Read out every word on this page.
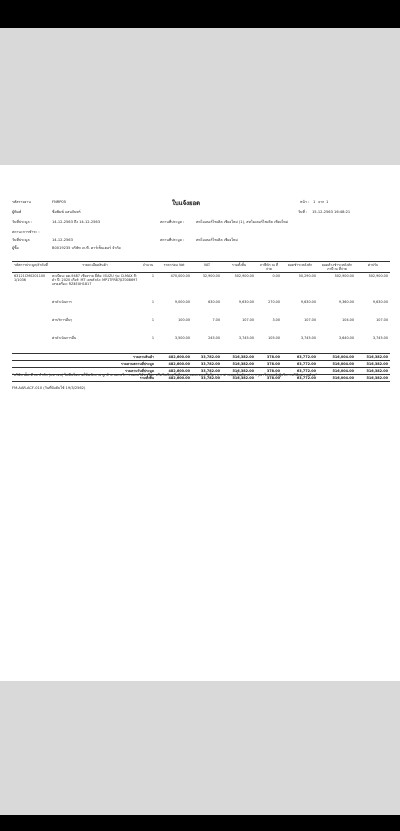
รหัสรายงาน	FNRP05	ใบแจ้งยอด	หน้า : 1 จาก 1
ผู้พิมพ์	ชื่อพิมพ์ แสนจันทร์	วันที่ : 15-12-2563 16:48:21
วันที่ประมูล :	14-12-2563 ถึง 14-12-2563	สถานที่ประมูล :	สหโมเตอร์ไซเคิล เชียงใหม่ (1), สหโมเตอร์ไซเคิล เชียงใหม่
สถานะการชำระ :
วันที่ประมูล	14-12-2563	สถานที่ประมูล :	สหโมเตอร์ไซเคิล เชียงใหม่
ผู้ซื้อ	B0019235 บริษัท เก.ที. คาร์เซ็นเตอร์ จำกัด
รหัสการประมูล/ลำดับที่	รายละเอียดสินค้า	จำนวน	ราคาก่อน Vat	VAT	รวมทั้งสิ้น	ภาษีหัก ณ ที่จ่าย	ยอดชำระหลังหัก	ยอดค้างชำระหลังหักภาษี ณ ที่จ่าย	ค่าปรับ
63121CM0201100 1/1036	ทะเบียน: ผต-9487 เชียงราย ยี่ห้อ: ISUZU รุ่น: D-MAX สี: ดำ ปี: 2020 เกียร์: MT เลขตัวถัง: MP1TFR87JLT008697 เลขเครื่อง: RZ4EUH1817	1	470,000.00	32,900.00	502,900.00	0.00	50,290.00	502,900.00	502,900.00

	ค่าดำเนินการ	1	9,000.00	630.00	9,630.00	270.00	9,630.00	9,360.00	9,630.00

	ค่าบริการอื่นๆ	1	100.00	7.00	107.00	3.00	107.00	104.00	107.00

	ค่าดำเนินการอื่น	1	3,500.00	245.00	3,745.00	105.00	3,745.00	3,640.00	3,745.00

รวมตามสินค้า			482,600.00	33,782.00	516,382.00	378.00	63,772.00	516,004.00	516,382.00
รวมตามสถานที่ประมูล			482,600.00	33,782.00	516,382.00	378.00	63,772.00	516,004.00	516,382.00
รวมตามวันที่ประมูล			482,600.00	33,782.00	516,382.00	378.00	63,772.00	516,004.00	516,382.00
รวมทั้งสิ้น			482,600.00	33,782.00	516,382.00	378.00	63,772.00	516,004.00	516,382.00
"บริษัท เอ็ม ดี เค จำกัด (มหาชน) ไม่มีนโยบายให้พนักงาน ลูกจ้าง และบริการของบริษัท เรียก หรือรับเงินหรือสิ่งของ ตอบแทนหรือใดๆ หากท่านพบเห็นดังกล่าว กรุณาโปรดแจ้งผู้บริหารบริษัททราบด้วย"
FM-AAR-ACF-010 (วันที่บังคับใช้ 19/3/2562)
